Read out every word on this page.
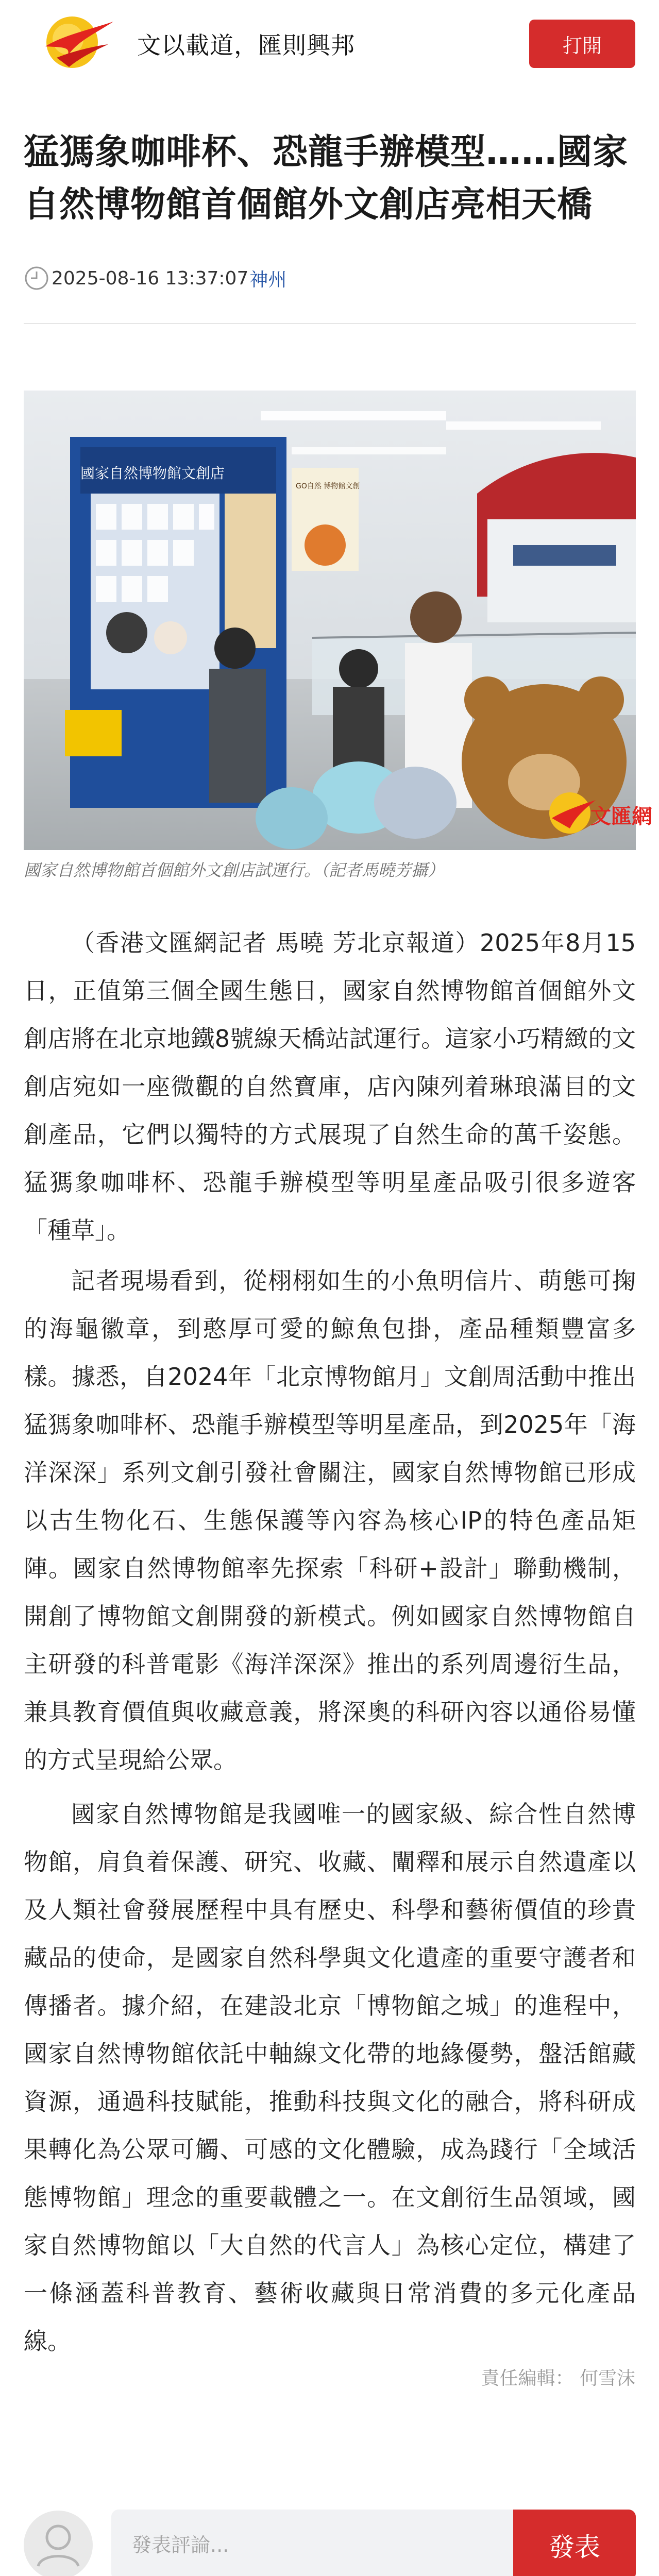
文以載道，匯則興邦	打開
猛獁象咖啡杯、恐龍手辦模型……國家自然博物館首個館外文創店亮相天橋
2025-08-16 13:37:07 神州
文匯網
國家自然博物館文創店
GO自然 博物館文創
國家自然博物館首個館外文創店試運行。（記者馬曉芳攝）

（香港文匯網記者 馬曉 芳北京報道）2025年8月15日，正值第三個全國生態日，國家自然博物館首個館外文創店將在北京地鐵8號線天橋站試運行。這家小巧精緻的文創店宛如一座微觀的自然寶庫，店內陳列着琳琅滿目的文創產品，它們以獨特的方式展現了自然生命的萬千姿態。猛獁象咖啡杯、恐龍手辦模型等明星產品吸引很多遊客「種草」。

記者現場看到，從栩栩如生的小魚明信片、萌態可掬的海龜徽章，到憨厚可愛的鯨魚包掛，產品種類豐富多樣。據悉，自2024年「北京博物館月」文創周活動中推出猛獁象咖啡杯、恐龍手辦模型等明星產品，到2025年「海洋深深」系列文創引發社會關注，國家自然博物館已形成以古生物化石、生態保護等內容為核心IP的特色產品矩陣。國家自然博物館率先探索「科研+設計」聯動機制，開創了博物館文創開發的新模式。例如國家自然博物館自主研發的科普電影《海洋深深》推出的系列周邊衍生品，兼具教育價值與收藏意義，將深奧的科研內容以通俗易懂的方式呈現給公眾。

國家自然博物館是我國唯一的國家級、綜合性自然博物館，肩負着保護、研究、收藏、闡釋和展示自然遺產以及人類社會發展歷程中具有歷史、科學和藝術價值的珍貴藏品的使命，是國家自然科學與文化遺產的重要守護者和傳播者。據介紹，在建設北京「博物館之城」的進程中，國家自然博物館依託中軸線文化帶的地緣優勢，盤活館藏資源，通過科技賦能，推動科技與文化的融合，將科研成果轉化為公眾可觸、可感的文化體驗，成為踐行「全域活態博物館」理念的重要載體之一。在文創衍生品領域，國家自然博物館以「大自然的代言人」為核心定位，構建了一條涵蓋科普教育、藝術收藏與日常消費的多元化產品線。

責任編輯： 何雪沫
發表評論...
發表
